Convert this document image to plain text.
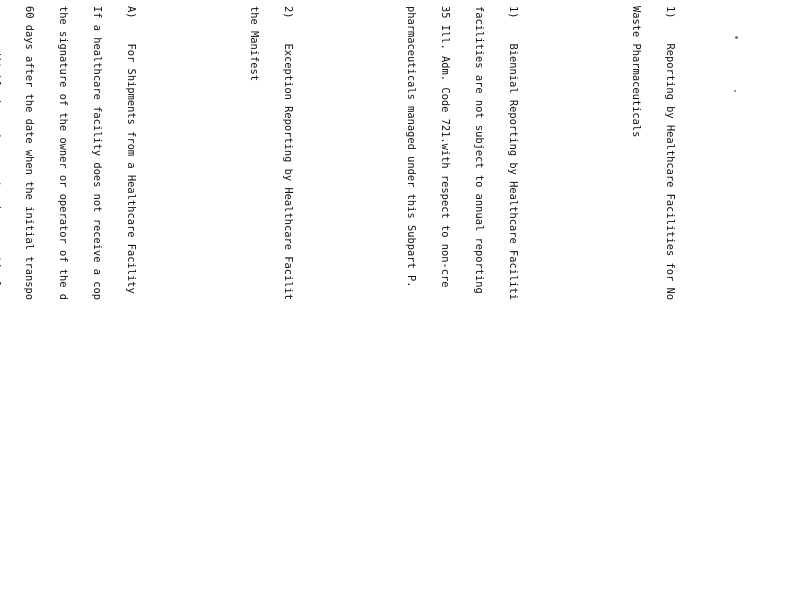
1)    Reporting by Healthcare Facilities for No

Waste Pharmaceuticals

1)    Biennial Reporting by Healthcare Faciliti

facilities are not subject to annual reporting

35 Ill. Adm. Code 721.with respect to non-cre

pharmaceuticals managed under this Subpart P.

2)    Exception Reporting by Healthcare Facilit

the Manifest

A)    For Shipments from a Healthcare Facility

If a healthcare facility does not receive a cop

the signature of the owner or operator of the d

60 days after the date when the initial transpo
